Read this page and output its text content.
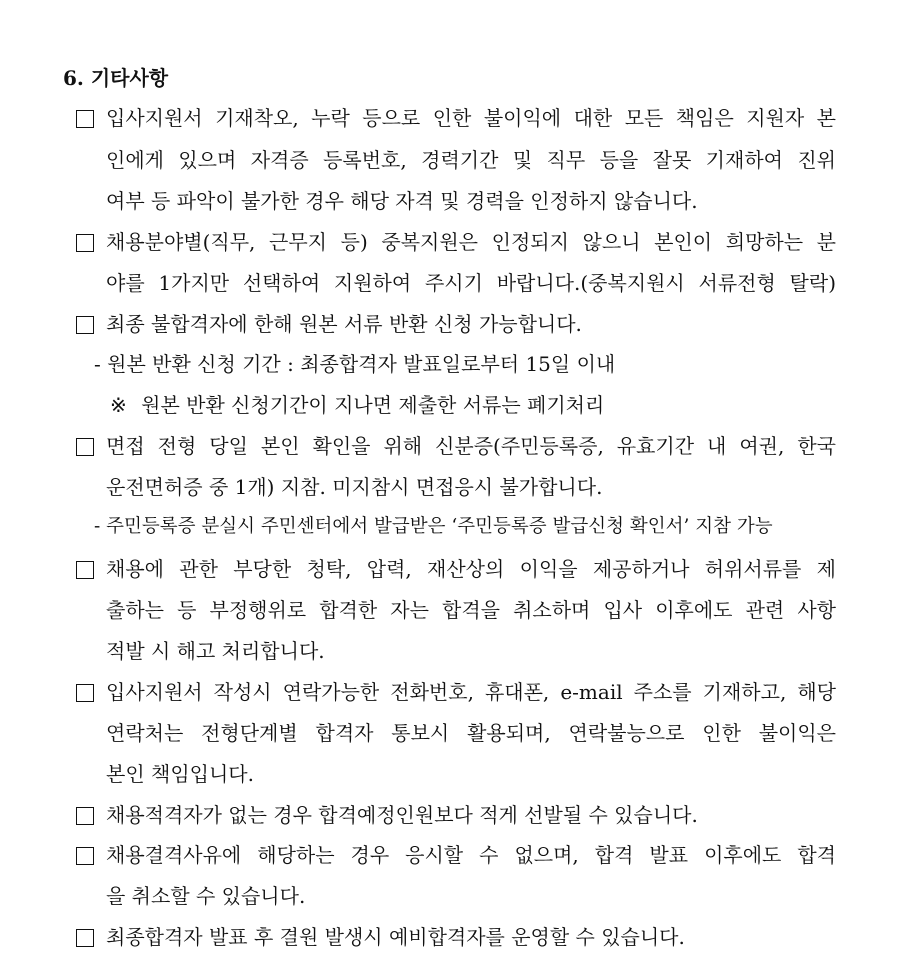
6. 기타사항
입사지원서 기재착오, 누락 등으로 인한 불이익에 대한 모든 책임은 지원자 본
인에게 있으며 자격증 등록번호, 경력기간 및 직무 등을 잘못 기재하여 진위
여부 등 파악이 불가한 경우 해당 자격 및 경력을 인정하지 않습니다.
채용분야별(직무, 근무지 등) 중복지원은 인정되지 않으니 본인이 희망하는 분
야를 1가지만 선택하여 지원하여 주시기 바랍니다.(중복지원시 서류전형 탈락)
최종 불합격자에 한해 원본 서류 반환 신청 가능합니다.
- 원본 반환 신청 기간 : 최종합격자 발표일로부터 15일 이내
※ 원본 반환 신청기간이 지나면 제출한 서류는 폐기처리
면접 전형 당일 본인 확인을 위해 신분증(주민등록증, 유효기간 내 여권, 한국
운전면허증 중 1개) 지참. 미지참시 면접응시 불가합니다.
- 주민등록증 분실시 주민센터에서 발급받은 ‘주민등록증 발급신청 확인서’ 지참 가능
채용에 관한 부당한 청탁, 압력, 재산상의 이익을 제공하거나 허위서류를 제
출하는 등 부정행위로 합격한 자는 합격을 취소하며 입사 이후에도 관련 사항
적발 시 해고 처리합니다.
입사지원서 작성시 연락가능한 전화번호, 휴대폰, e-mail 주소를 기재하고, 해당
연락처는 전형단계별 합격자 통보시 활용되며, 연락불능으로 인한 불이익은
본인 책임입니다.
채용적격자가 없는 경우 합격예정인원보다 적게 선발될 수 있습니다.
채용결격사유에 해당하는 경우 응시할 수 없으며, 합격 발표 이후에도 합격
을 취소할 수 있습니다.
최종합격자 발표 후 결원 발생시 예비합격자를 운영할 수 있습니다.
